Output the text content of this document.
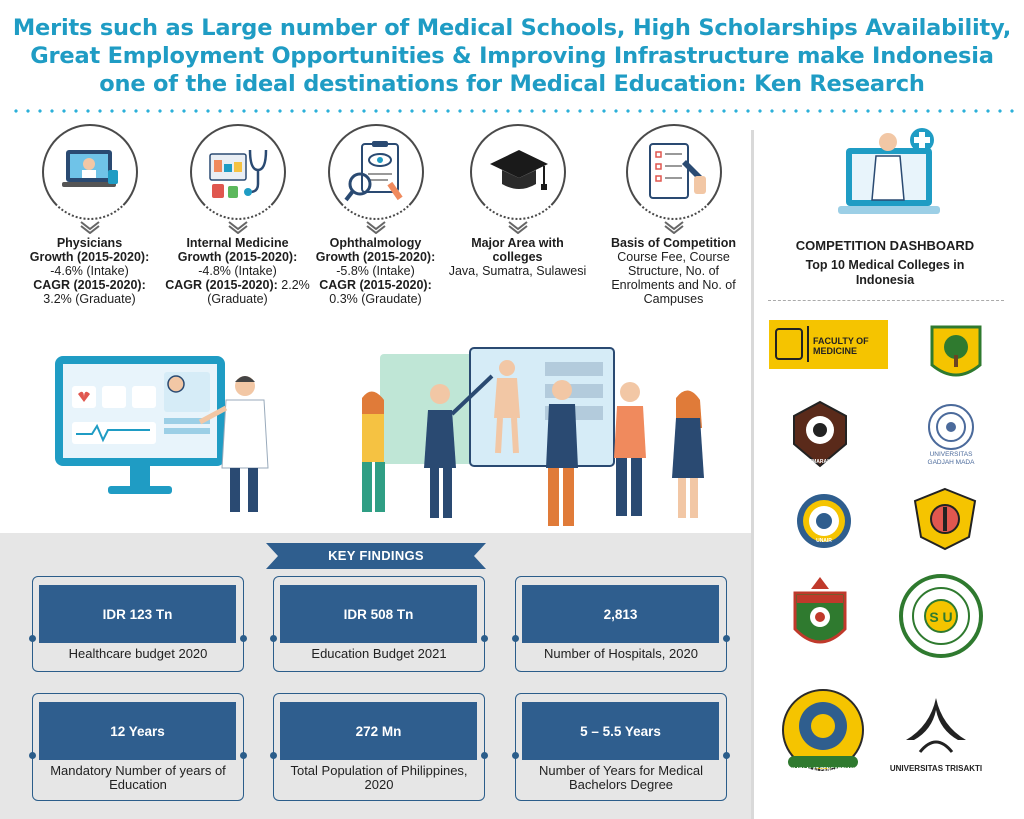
Merits such as Large number of Medical Schools, High Scholarships Availability,
Great Employment Opportunities & Improving Infrastructure make Indonesia
one of the ideal destinations for Medical Education: Ken Research
Physicians
Growth (2015-2020):
-4.6% (Intake)
CAGR (2015-2020):
3.2% (Graduate)
Internal Medicine
Growth (2015-2020):
-4.8% (Intake)
CAGR (2015-2020): 2.2%
(Graduate)
Ophthalmology
Growth (2015-2020):
-5.8% (Intake)
CAGR (2015-2020):
0.3% (Graudate)
Major Area with colleges
Java, Sumatra, Sulawesi
Basis of Competition
Course Fee, Course
Structure, No. of
Enrolments and No. of
Campuses
KEY FINDINGS
IDR 123 Tn
Healthcare budget 2020
IDR 508 Tn
Education Budget 2021
2,813
Number of Hospitals, 2020
12 Years
Mandatory Number of years of Education
272 Mn
Total Population of Philippines, 2020
5 – 5.5 Years
Number of Years for Medical Bachelors Degree
COMPETITION DASHBOARD
Top 10 Medical Colleges in Indonesia
FACULTY OF MEDICINE
SEMARANG
UNIVERSITAS
GADJAH MADA
UNAIR
S U
ILMU ALAT PENGABDIAN	UNIVERSITAS TRISAKTI
